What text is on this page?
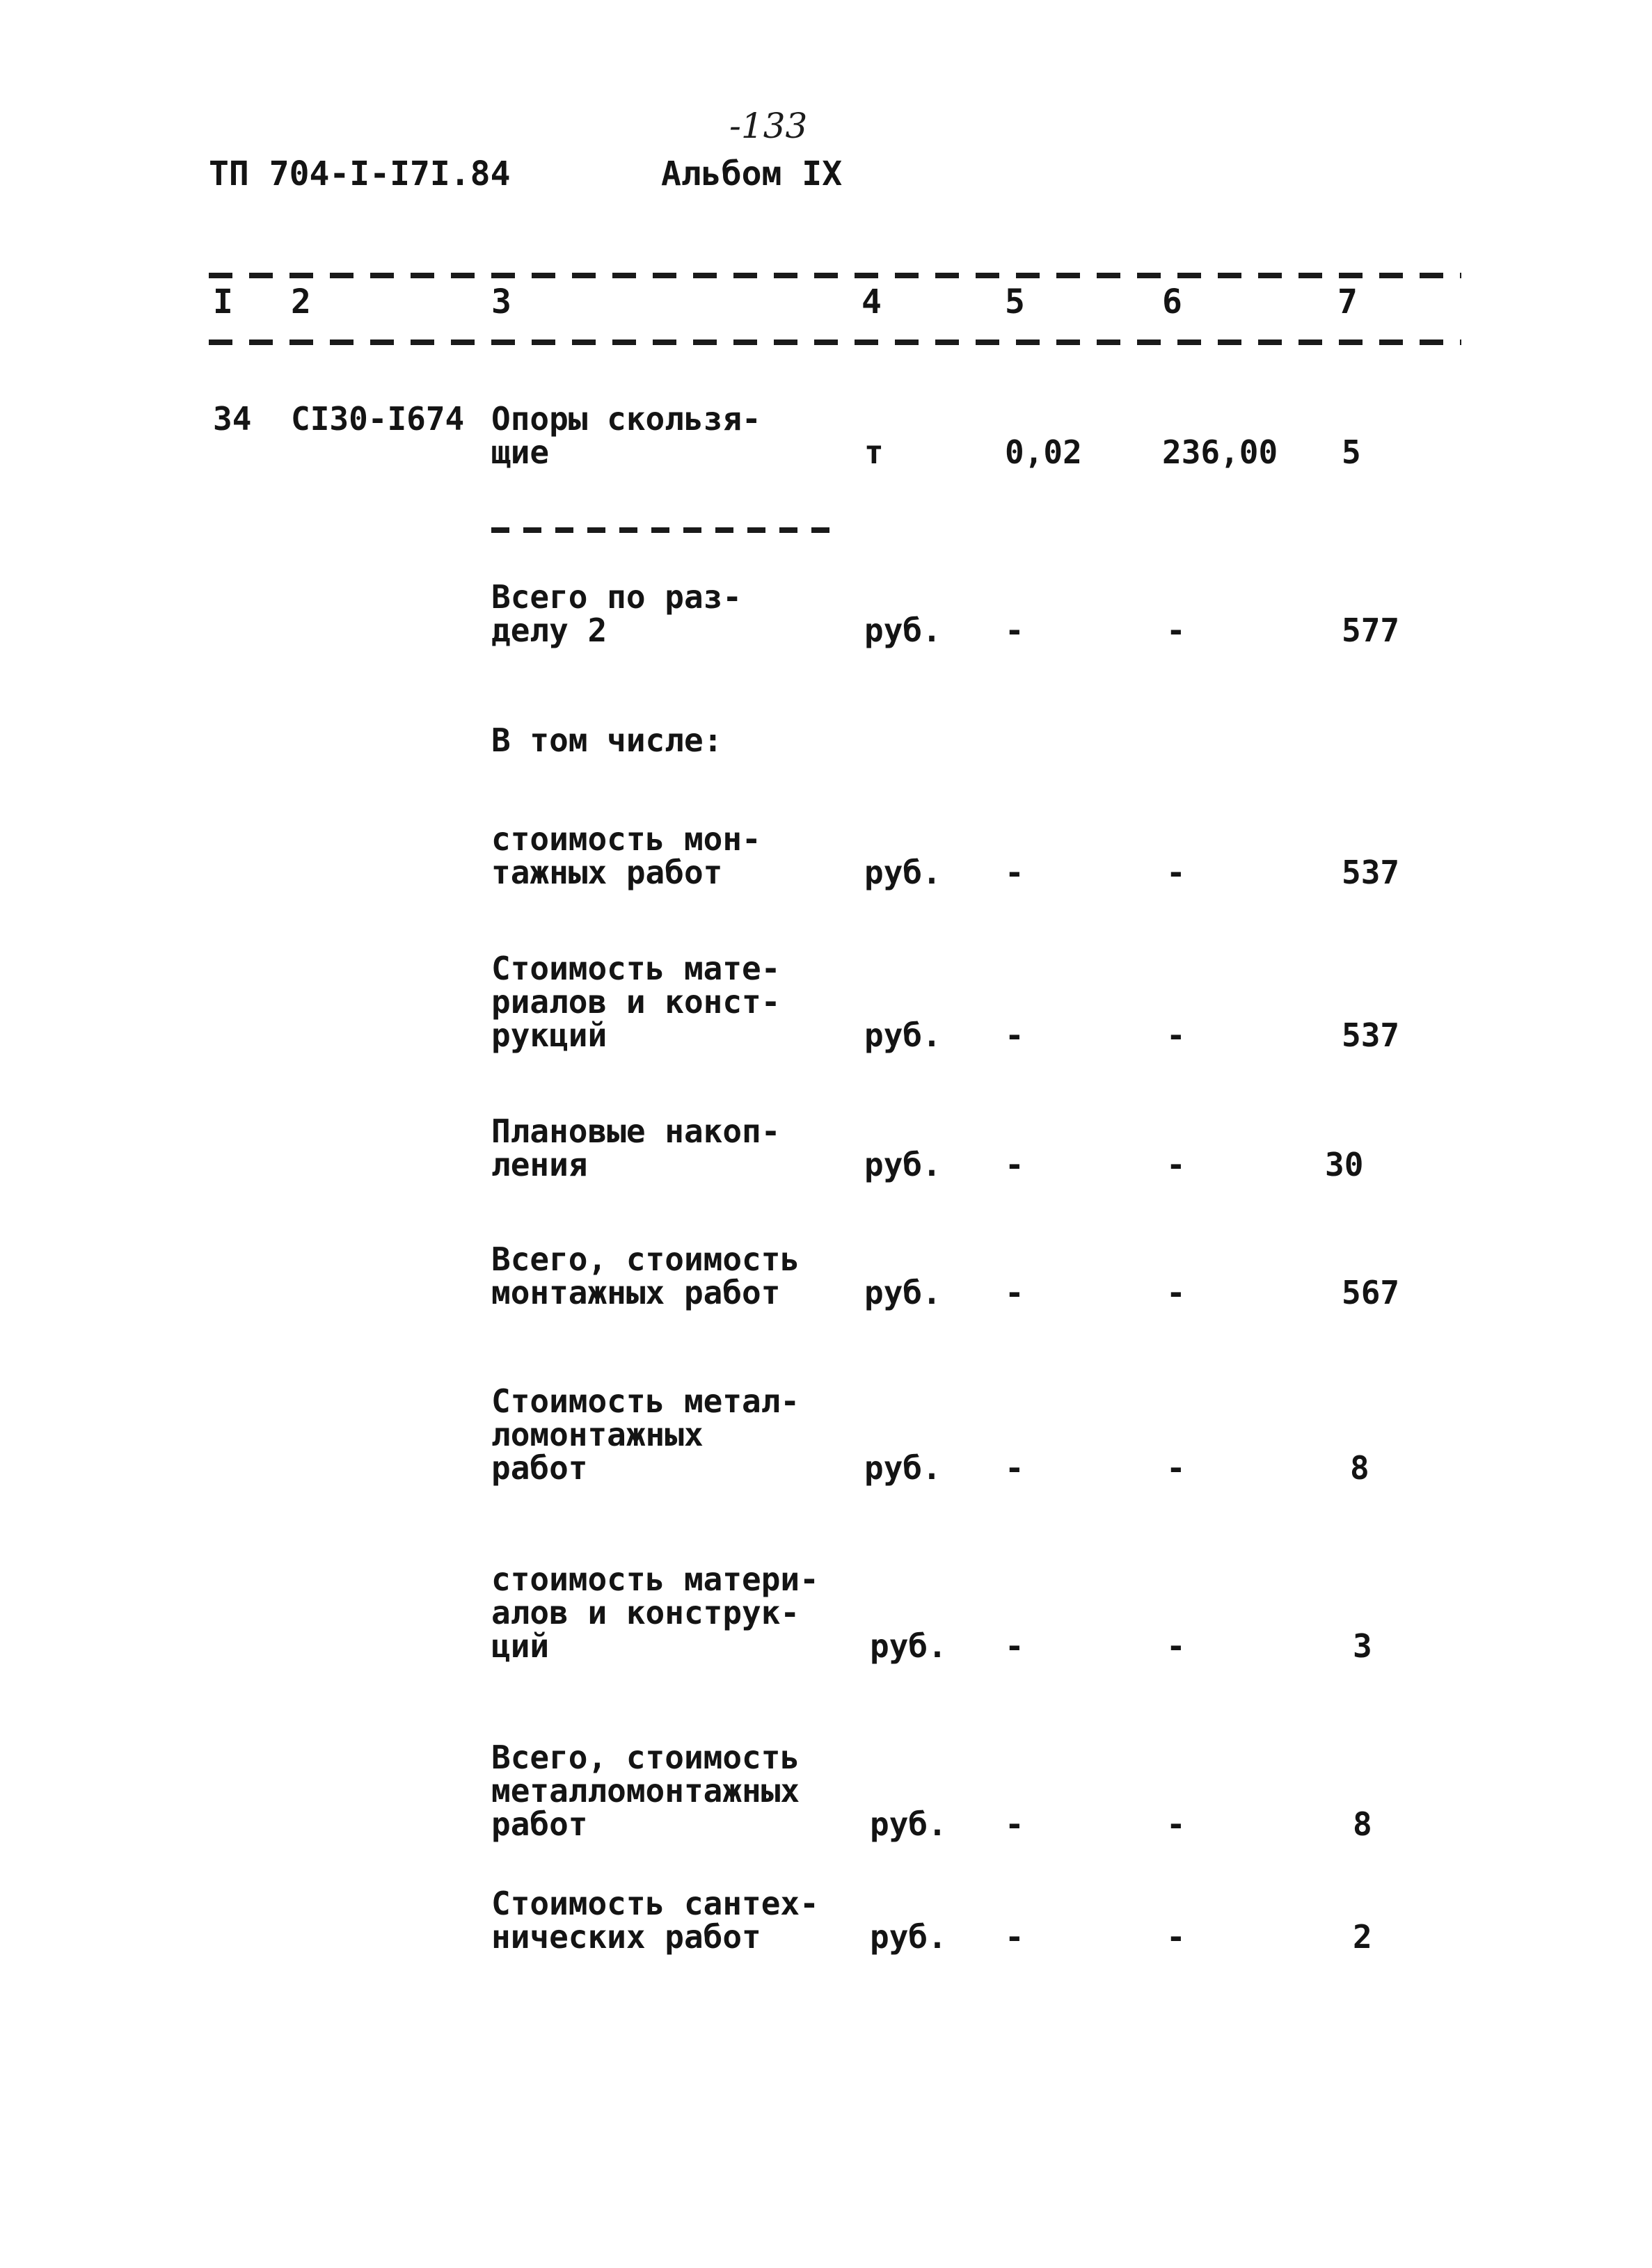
-133
ТП 704-I-I7I.84	Альбом IX
I 2	3	4	5	6	7
34 CI30-I674 Опоры скользя-
щие	т	0,02	236,00 5
Всего по раз-
делу 2	руб. -	-	577
В том числе:
стоимость мон-
тажных работ	руб. -	-	537
Стоимость мате-
риалов и конст-
рукций	руб. -	-	537
Плановые накоп-
ления	руб. -	-	30
Всего, стоимость
монтажных работ	руб. -	-	567
Стоимость метал-
ломонтажных
работ	руб. -	-	8
стоимость матери-
алов и конструк-
ций	руб. -	-	3
Всего, стоимость
металломонтажных
работ	руб. -	-	8
Стоимость сантех-
нических работ	руб. -	-	2
